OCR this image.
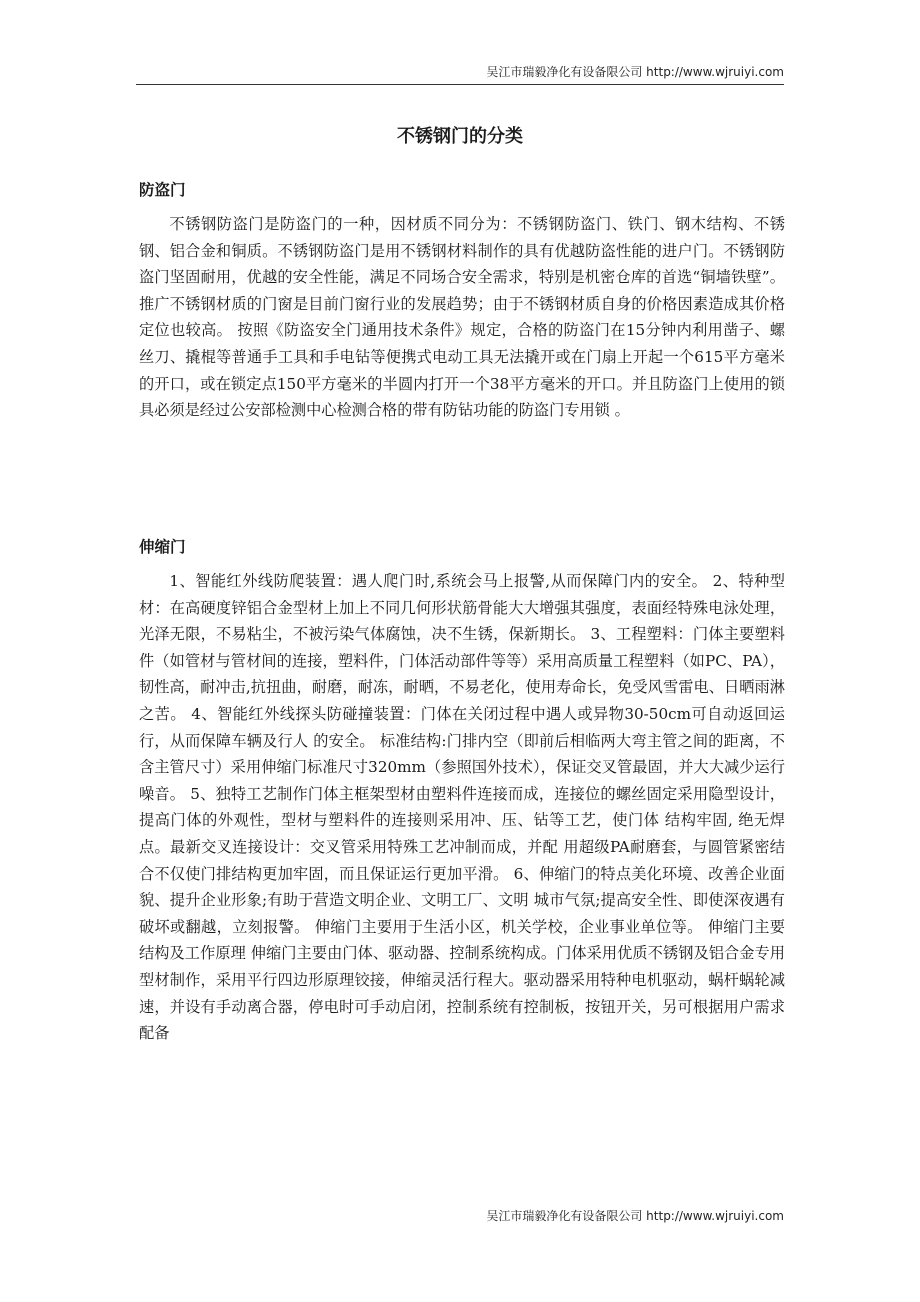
吴江市瑞毅净化有设备限公司 http://www.wjruiyi.com
不锈钢门的分类
防盗门

不锈钢防盗门是防盗门的一种，因材质不同分为：不锈钢防盗门、铁门、钢木结构、不锈钢、铝合金和铜质。不锈钢防盗门是用不锈钢材料制作的具有优越防盗性能的进户门。不锈钢防盗门坚固耐用，优越的安全性能，满足不同场合安全需求，特别是机密仓库的首选“铜墙铁壁”。推广不锈钢材质的门窗是目前门窗行业的发展趋势；由于不锈钢材质自身的价格因素造成其价格定位也较高。 按照《防盗安全门通用技术条件》规定，合格的防盗门在15分钟内利用凿子、螺丝刀、撬棍等普通手工具和手电钻等便携式电动工具无法撬开或在门扇上开起一个615平方毫米的开口，或在锁定点150平方毫米的半圆内打开一个38平方毫米的开口。并且防盗门上使用的锁具必须是经过公安部检测中心检测合格的带有防钻功能的防盗门专用锁 。

伸缩门

1、智能红外线防爬装置：遇人爬门时,系统会马上报警,从而保障门内的安全。 2、特种型材：在高硬度锌铝合金型材上加上不同几何形状筋骨能大大增强其强度，表面经特殊电泳处理，光泽无限，不易粘尘，不被污染气体腐蚀，决不生锈，保新期长。 3、工程塑料：门体主要塑料件（如管材与管材间的连接，塑料件，门体活动部件等等）采用高质量工程塑料（如PC、PA），韧性高，耐冲击,抗扭曲，耐磨，耐冻，耐晒，不易老化，使用寿命长，免受风雪雷电、日晒雨淋之苦。 4、智能红外线探头防碰撞装置：门体在关闭过程中遇人或异物30-50cm可自动返回运行，从而保障车辆及行人 的安全。 标准结构:门排内空（即前后相临两大弯主管之间的距离，不含主管尺寸）采用伸缩门标准尺寸320mm（参照国外技术），保证交叉管最固，并大大减少运行噪音。 5、独特工艺制作门体主框架型材由塑料件连接而成，连接位的螺丝固定采用隐型设计，提高门体的外观性，型材与塑料件的连接则采用冲、压、钻等工艺，使门体 结构牢固, 绝无焊点。最新交叉连接设计：交叉管采用特殊工艺冲制而成，并配 用超级PA耐磨套，与圆管紧密结合不仅使门排结构更加牢固，而且保证运行更加平滑。 6、伸缩门的特点美化环境、改善企业面貌、提升企业形象;有助于营造文明企业、文明工厂、文明 城市气氛;提高安全性、即使深夜遇有破坏或翻越，立刻报警。 伸缩门主要用于生活小区，机关学校，企业事业单位等。 伸缩门主要结构及工作原理 伸缩门主要由门体、驱动器、控制系统构成。门体采用优质不锈钢及铝合金专用型材制作，采用平行四边形原理铰接，伸缩灵活行程大。驱动器采用特种电机驱动，蜗杆蜗轮减速，并设有手动离合器，停电时可手动启闭，控制系统有控制板，按钮开关，另可根据用户需求配备

吴江市瑞毅净化有设备限公司 http://www.wjruiyi.com
